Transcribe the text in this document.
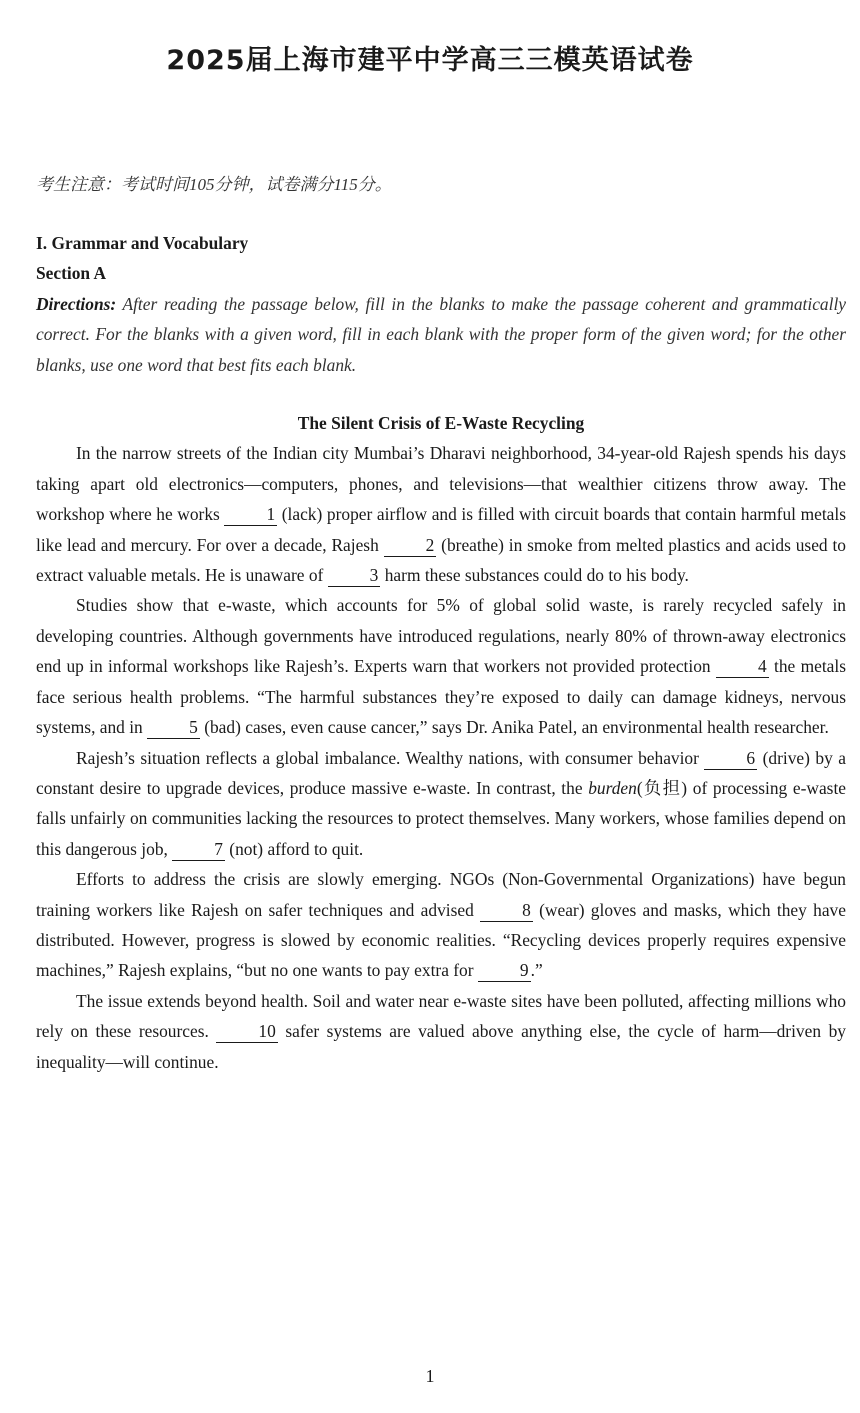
2025届上海市建平中学高三三模英语试卷
考生注意：考试时间105分钟，试卷满分115分。
I. Grammar and Vocabulary
Section A
Directions: After reading the passage below, fill in the blanks to make the passage coherent and grammatically correct. For the blanks with a given word, fill in each blank with the proper form of the given word; for the other blanks, use one word that best fits each blank.
The Silent Crisis of E-Waste Recycling

In the narrow streets of the Indian city Mumbai’s Dharavi neighborhood, 34-year-old Rajesh spends his days taking apart old electronics—computers, phones, and televisions—that wealthier citizens throw away. The workshop where he works	1 (lack) proper airflow and is filled with circuit boards that contain harmful metals like lead and mercury. For over a decade, Rajesh	2 (breathe) in smoke from melted plastics and acids used to extract valuable metals. He is unaware of	3 harm these substances could do to his body.

Studies show that e-waste, which accounts for 5% of global solid waste, is rarely recycled safely in developing countries. Although governments have introduced regulations, nearly 80% of thrown-away electronics end up in informal workshops like Rajesh’s. Experts warn that workers not provided protection	4 the metals face serious health problems. “The harmful substances they’re exposed to daily can damage kidneys, nervous systems, and in	5 (bad) cases, even cause cancer,” says Dr. Anika Patel, an environmental health researcher.

Rajesh’s situation reflects a global imbalance. Wealthy nations, with consumer behavior	6 (drive) by a constant desire to upgrade devices, produce massive e-waste. In contrast, the burden(负担) of processing e-waste falls unfairly on communities lacking the resources to protect themselves. Many workers, whose families depend on this dangerous job,	7 (not) afford to quit.

Efforts to address the crisis are slowly emerging. NGOs (Non-Governmental Organizations) have begun training workers like Rajesh on safer techniques and advised	8 (wear) gloves and masks, which they have distributed. However, progress is slowed by economic realities. “Recycling devices properly requires expensive machines,” Rajesh explains, “but no one wants to pay extra for	9 .”

The issue extends beyond health. Soil and water near e-waste sites have been polluted, affecting millions who rely on these resources.	10 safer systems are valued above anything else, the cycle of harm—driven by inequality—will continue.

1
